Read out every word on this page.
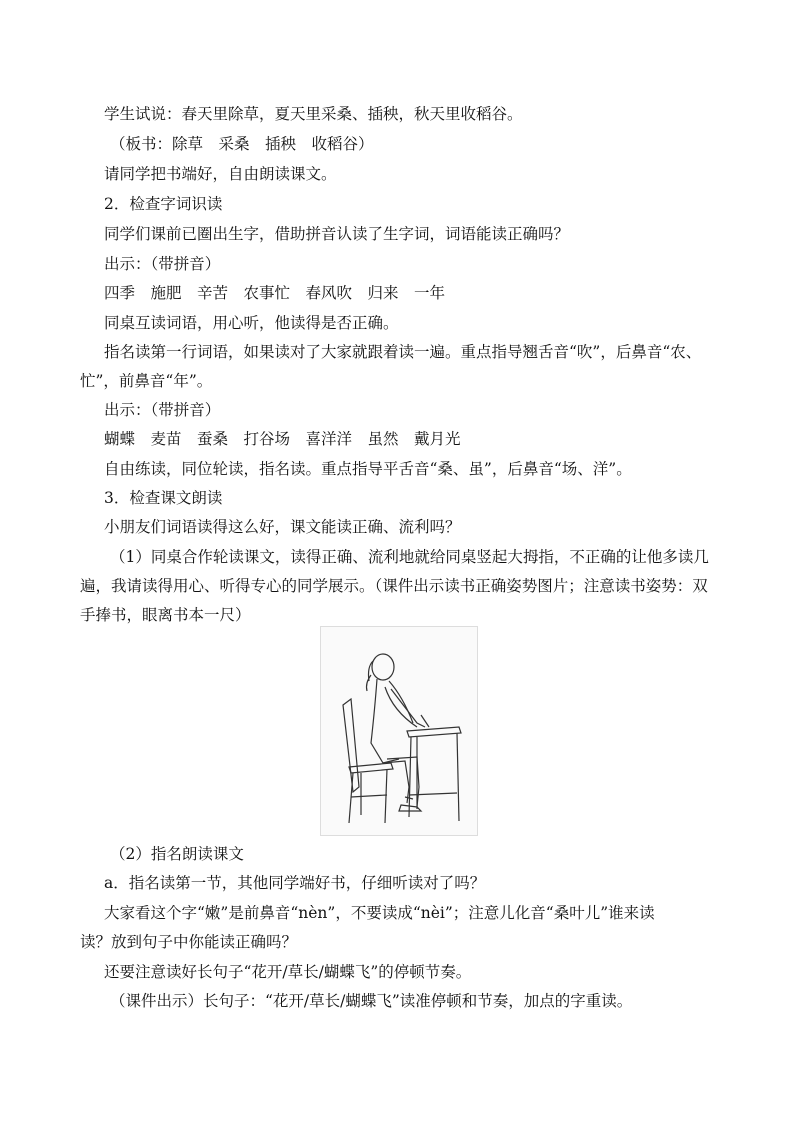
学生试说：春天里除草，夏天里采桑、插秧，秋天里收稻谷。
（板书：除草　采桑　插秧　收稻谷）
请同学把书端好，自由朗读课文。
2．检查字词识读
同学们课前已圈出生字，借助拼音认读了生字词，词语能读正确吗？
出示：（带拼音）
四季　施肥　辛苦　农事忙　春风吹　归来　一年
同桌互读词语，用心听，他读得是否正确。
指名读第一行词语，如果读对了大家就跟着读一遍。重点指导翘舌音“吹”，后鼻音“农、
忙”，前鼻音“年”。
出示：（带拼音）
蝴蝶　麦苗　蚕桑　打谷场　喜洋洋　虽然　戴月光
自由练读，同位轮读，指名读。重点指导平舌音“桑、虽”，后鼻音“场、洋”。
3．检查课文朗读
小朋友们词语读得这么好，课文能读正确、流利吗？
（1）同桌合作轮读课文，读得正确、流利地就给同桌竖起大拇指，不正确的让他多读几
遍，我请读得用心、听得专心的同学展示。（课件出示读书正确姿势图片；注意读书姿势：双
手捧书，眼离书本一尺）
（2）指名朗读课文
a．指名读第一节，其他同学端好书，仔细听读对了吗？
大家看这个字“嫩”是前鼻音“nèn”，不要读成“nèi”；注意儿化音“桑叶儿”谁来读
读？放到句子中你能读正确吗？
还要注意读好长句子“花开/草长/蝴蝶飞”的停顿节奏。
（课件出示）长句子：“花开/草长/蝴蝶飞”读准停顿和节奏，加点的字重读。
